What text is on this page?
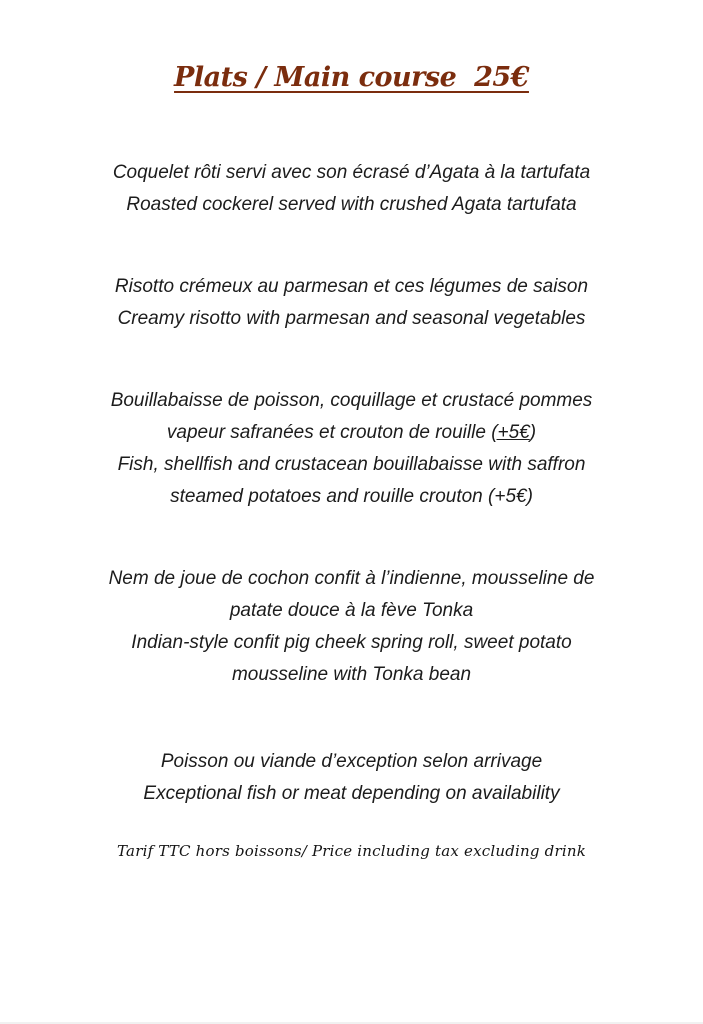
Plats / Main course  25€
Coquelet rôti servi avec son écrasé d’Agata à la tartufata
Roasted cockerel served with crushed Agata tartufata
Risotto crémeux au parmesan et ces légumes de saison
Creamy risotto with parmesan and seasonal vegetables
Bouillabaisse de poisson, coquillage et crustacé pommes
vapeur safranées et crouton de rouille (+5€)
Fish, shellfish and crustacean bouillabaisse with saffron
steamed potatoes and rouille crouton (+5€)
Nem de joue de cochon confit à l’indienne, mousseline de
patate douce à la fève Tonka
Indian-style confit pig cheek spring roll, sweet potato
mousseline with Tonka bean
Poisson ou viande d’exception selon arrivage
Exceptional fish or meat depending on availability
Tarif TTC hors boissons/ Price including tax excluding drink
